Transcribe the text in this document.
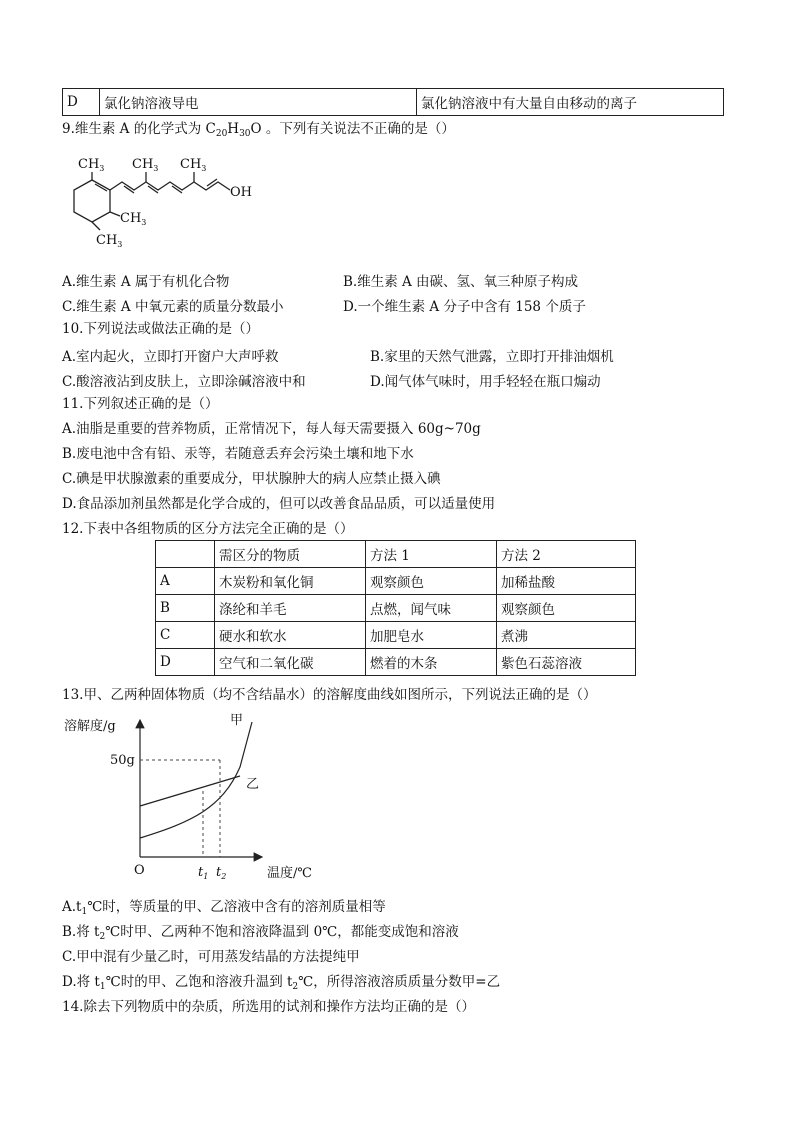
D	氯化钠溶液导电	氯化钠溶液中有大量自由移动的离子
9.维生素 A 的化学式为 $C_{20}H_{30}O$ 。下列有关说法不正确的是（）
$CH_3$ $CH_3$ $CH_3$
$CH_3$
$CH_3$
OH
A.维生素 A 属于有机化合物	B.维生素 A 由碳、氢、氧三种原子构成
C.维生素 A 中氧元素的质量分数最小	D.一个维生素 A 分子中含有 158 个质子
10.下列说法或做法正确的是（）
A.室内起火，立即打开窗户大声呼救	B.家里的天然气泄露，立即打开排油烟机
C.酸溶液沾到皮肤上，立即涂碱溶液中和	D.闻气体气味时，用手轻轻在瓶口煽动
11.下列叙述正确的是（）
A.油脂是重要的营养物质，正常情况下，每人每天需要摄入 60g~70g
B.废电池中含有铅、汞等，若随意丢弃会污染土壤和地下水
C.碘是甲状腺激素的重要成分，甲状腺肿大的病人应禁止摄入碘
D.食品添加剂虽然都是化学合成的，但可以改善食品品质，可以适量使用
12.下表中各组物质的区分方法完全正确的是（）
	需区分的物质	方法 1	方法 2
A	木炭粉和氧化铜	观察颜色	加稀盐酸
B	涤纶和羊毛	点燃，闻气味	观察颜色
C	硬水和软水	加肥皂水	煮沸
D	空气和二氧化碳	燃着的木条	紫色石蕊溶液
13.甲、乙两种固体物质（均不含结晶水）的溶解度曲线如图所示，下列说法正确的是（）
溶解度/g	甲
乙
50g
O	$t_1$ $t_2$	温度/℃
$A.t_1℃$时，等质量的甲、乙溶液中含有的溶剂质量相等
B.将 $t_2℃$时甲、乙两种不饱和溶液降温到 0℃，都能变成饱和溶液
C.甲中混有少量乙时，可用蒸发结晶的方法提纯甲
D.将 $t_1℃$时的甲、乙饱和溶液升温到 $t_2℃$，所得溶液溶质质量分数甲=乙
14.除去下列物质中的杂质，所选用的试剂和操作方法均正确的是（）
